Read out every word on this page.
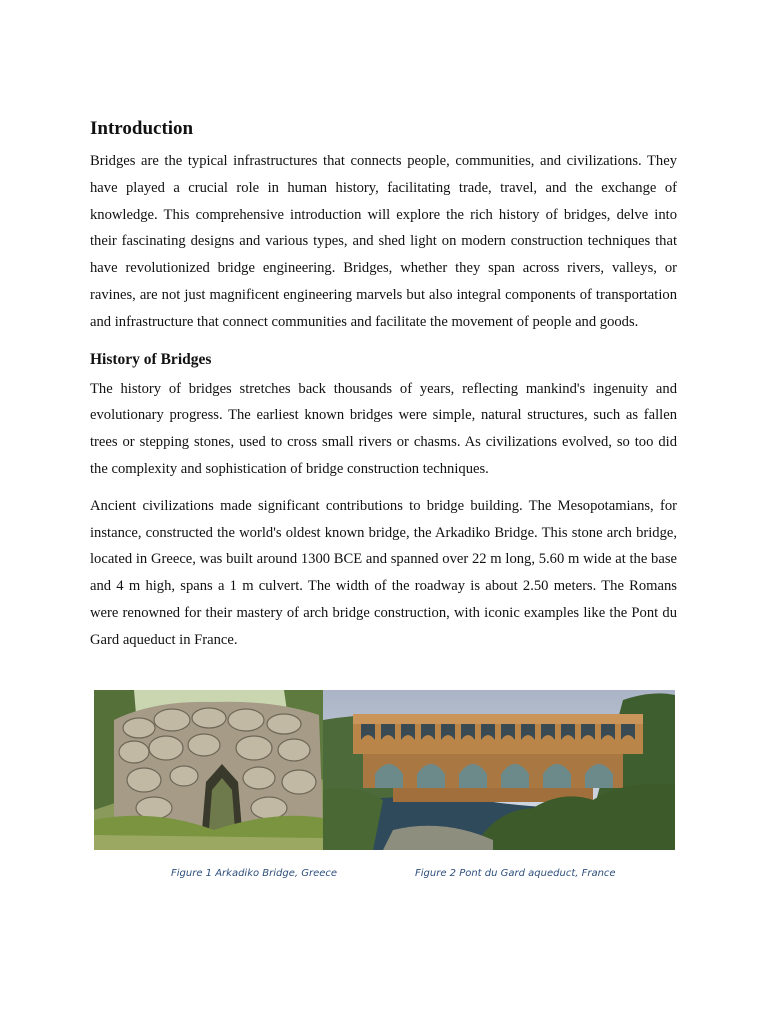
Introduction

Bridges are the typical infrastructures that connects people, communities, and civilizations. They have played a crucial role in human history, facilitating trade, travel, and the exchange of knowledge. This comprehensive introduction will explore the rich history of bridges, delve into their fascinating designs and various types, and shed light on modern construction techniques that have revolutionized bridge engineering. Bridges, whether they span across rivers, valleys, or ravines, are not just magnificent engineering marvels but also integral components of transportation and infrastructure that connect communities and facilitate the movement of people and goods.

History of Bridges

The history of bridges stretches back thousands of years, reflecting mankind's ingenuity and evolutionary progress. The earliest known bridges were simple, natural structures, such as fallen trees or stepping stones, used to cross small rivers or chasms. As civilizations evolved, so too did the complexity and sophistication of bridge construction techniques.

Ancient civilizations made significant contributions to bridge building. The Mesopotamians, for instance, constructed the world's oldest known bridge, the Arkadiko Bridge. This stone arch bridge, located in Greece, was built around 1300 BCE and spanned over 22 m long, 5.60 m wide at the base and 4 m high, spans a 1 m culvert. The width of the roadway is about 2.50 meters. The Romans were renowned for their mastery of arch bridge construction, with iconic examples like the Pont du Gard aqueduct in France.

Figure 1 Arkadiko Bridge, Greece	Figure 2 Pont du Gard aqueduct, France
